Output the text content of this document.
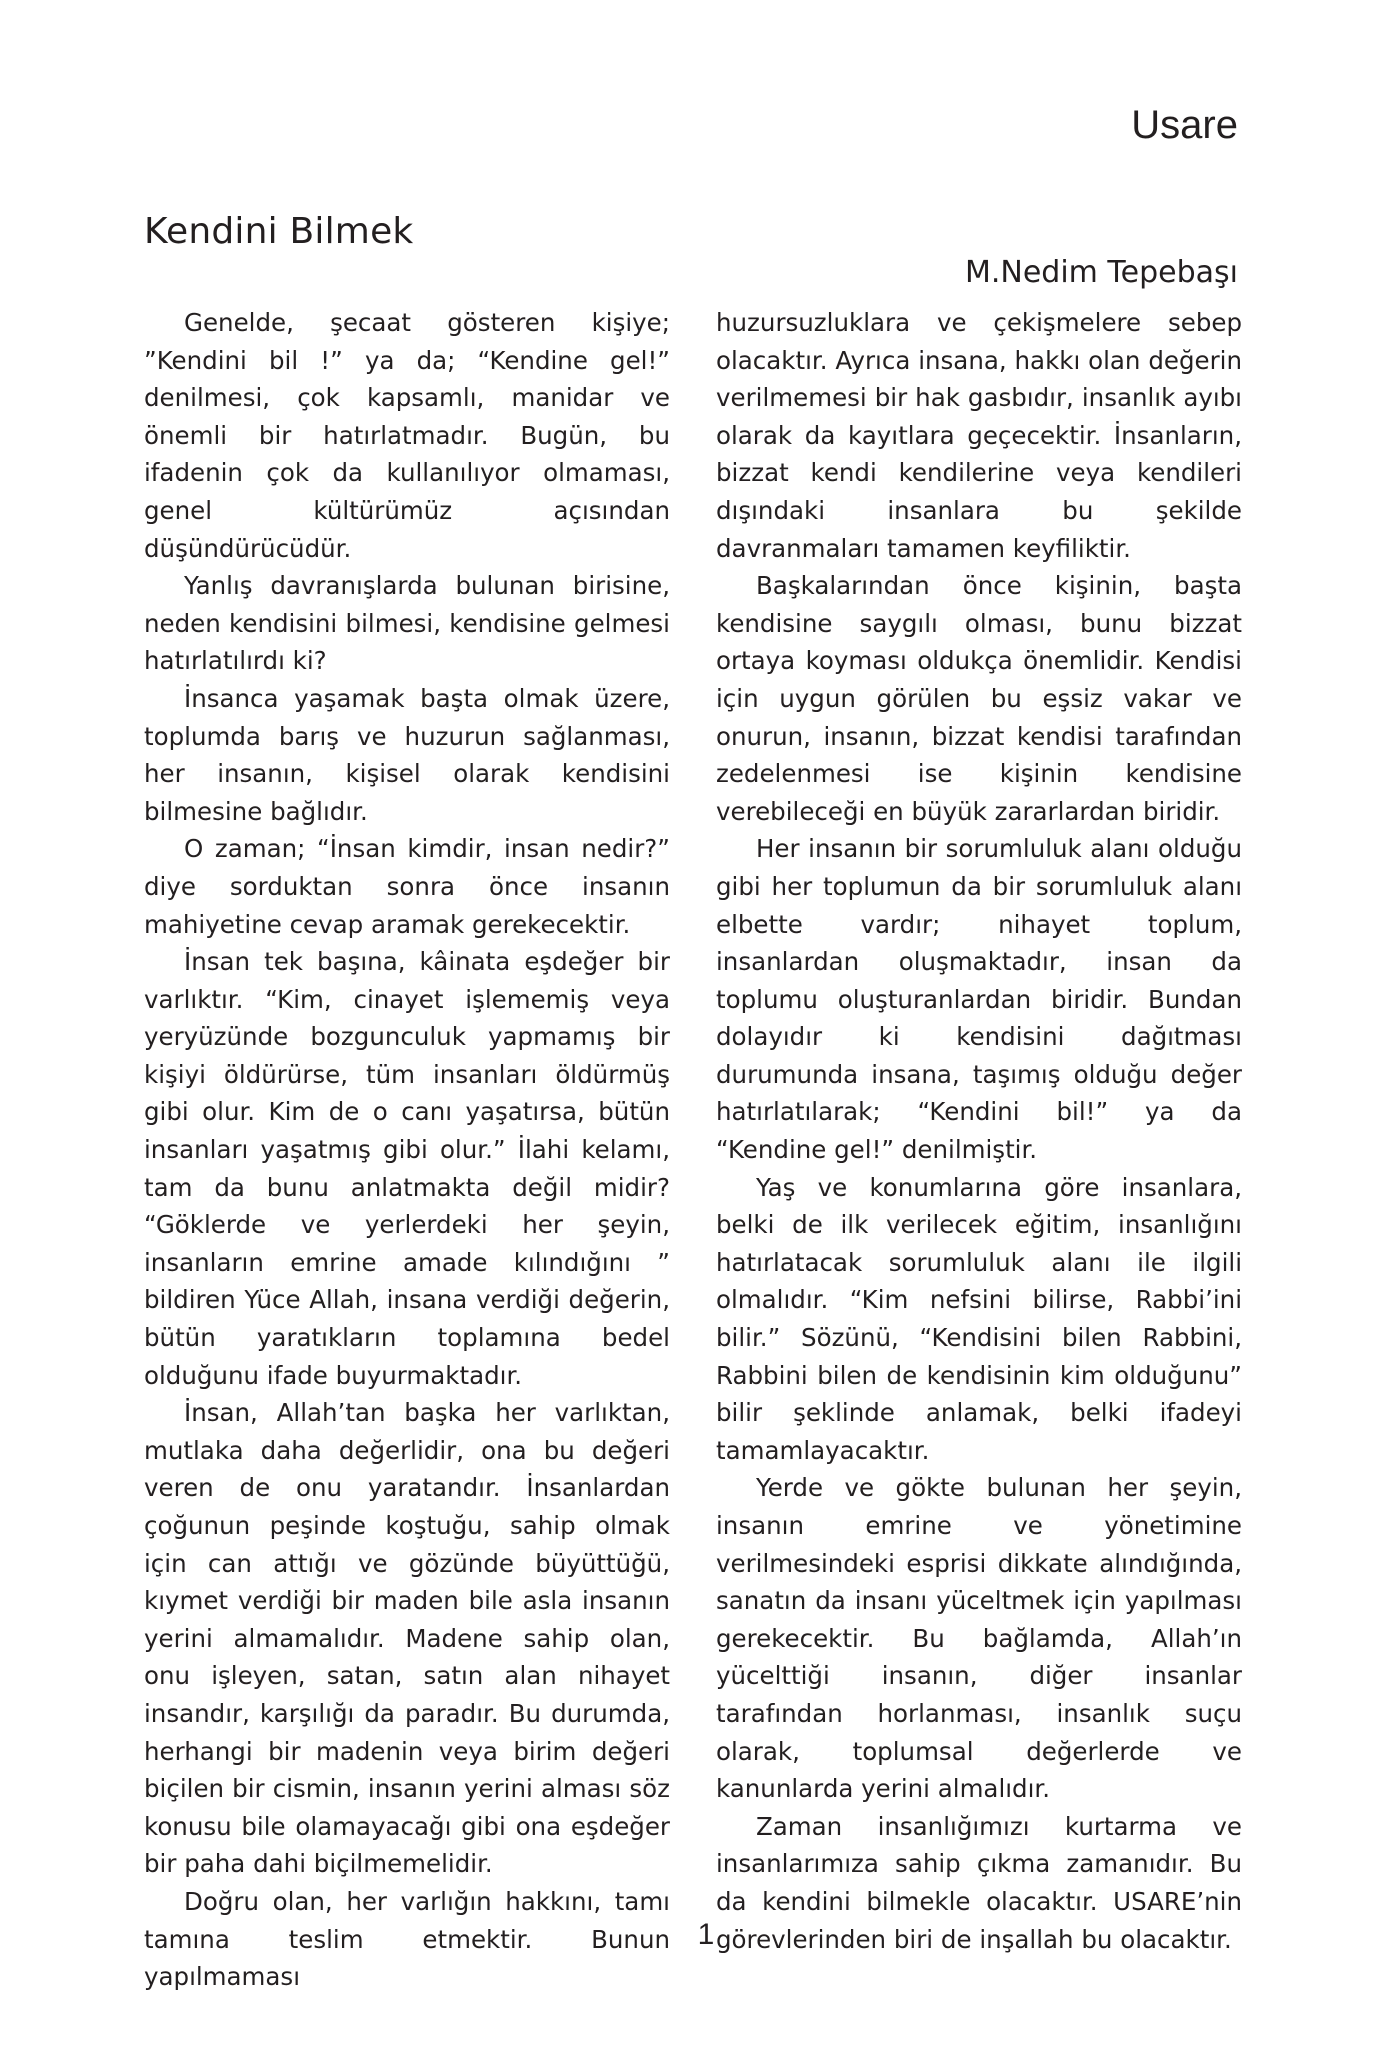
Usare
Kendini Bilmek
M.Nedim Tepebaşı

Genelde, şecaat gösteren kişiye; ”Kendini bil !” ya da; “Kendine gel!” denilmesi, çok kapsamlı, manidar ve önemli bir hatırlatmadır. Bugün, bu ifadenin çok da kullanılıyor olmaması, genel kültürümüz açısından düşündürücüdür.

Yanlış davranışlarda bulunan birisine, neden kendisini bilmesi, kendisine gelmesi hatırlatılırdı ki?

İnsanca yaşamak başta olmak üzere, toplumda barış ve huzurun sağlanması, her insanın, kişisel olarak kendisini bilmesine bağlıdır.

O zaman; “İnsan kimdir, insan nedir?” diye sorduktan sonra önce insanın mahiyetine cevap aramak gerekecektir.

İnsan tek başına, kâinata eşdeğer bir varlıktır. “Kim, cinayet işlememiş veya yeryüzünde bozgunculuk yapmamış bir kişiyi öldürürse, tüm insanları öldürmüş gibi olur. Kim de o canı yaşatırsa, bütün insanları yaşatmış gibi olur.” İlahi kelamı, tam da bunu anlatmakta değil midir? “Göklerde ve yerlerdeki her şeyin, insanların emrine amade kılındığını ” bildiren Yüce Allah, insana verdiği değerin, bütün yaratıkların toplamına bedel olduğunu ifade buyurmaktadır.

İnsan, Allah’tan başka her varlıktan, mutlaka daha değerlidir, ona bu değeri veren de onu yaratandır. İnsanlardan çoğunun peşinde koştuğu, sahip olmak için can attığı ve gözünde büyüttüğü, kıymet verdiği bir maden bile asla insanın yerini almamalıdır. Madene sahip olan, onu işleyen, satan, satın alan nihayet insandır, karşılığı da paradır. Bu durumda, herhangi bir madenin veya birim değeri biçilen bir cismin, insanın yerini alması söz konusu bile olamayacağı gibi ona eşdeğer bir paha dahi biçilmemelidir.

Doğru olan, her varlığın hakkını, tamı tamına teslim etmektir. Bunun yapılmaması

huzursuzluklara ve çekişmelere sebep olacaktır. Ayrıca insana, hakkı olan değerin verilmemesi bir hak gasbıdır, insanlık ayıbı olarak da kayıtlara geçecektir. İnsanların, bizzat kendi kendilerine veya kendileri dışındaki insanlara bu şekilde davranmaları tamamen keyfiliktir.

Başkalarından önce kişinin, başta kendisine saygılı olması, bunu bizzat ortaya koyması oldukça önemlidir. Kendisi için uygun görülen bu eşsiz vakar ve onurun, insanın, bizzat kendisi tarafından zedelenmesi ise kişinin kendisine verebileceği en büyük zararlardan biridir.

Her insanın bir sorumluluk alanı olduğu gibi her toplumun da bir sorumluluk alanı elbette vardır; nihayet toplum, insanlardan oluşmaktadır, insan da toplumu oluşturanlardan biridir. Bundan dolayıdır ki kendisini dağıtması durumunda insana, taşımış olduğu değer hatırlatılarak; “Kendini bil!” ya da “Kendine gel!” denilmiştir.

Yaş ve konumlarına göre insanlara, belki de ilk verilecek eğitim, insanlığını hatırlatacak sorumluluk alanı ile ilgili olmalıdır. “Kim nefsini bilirse, Rabbi’ini bilir.” Sözünü, “Kendisini bilen Rabbini, Rabbini bilen de kendisinin kim olduğunu” bilir şeklinde anlamak, belki ifadeyi tamamlayacaktır.

Yerde ve gökte bulunan her şeyin, insanın emrine ve yönetimine verilmesindeki esprisi dikkate alındığında, sanatın da insanı yüceltmek için yapılması gerekecektir. Bu bağlamda, Allah’ın yücelttiği insanın, diğer insanlar tarafından horlanması, insanlık suçu olarak, toplumsal değerlerde ve kanunlarda yerini almalıdır.

Zaman insanlığımızı kurtarma ve insanlarımıza sahip çıkma zamanıdır. Bu da kendini bilmekle olacaktır. USARE’nin görevlerinden biri de inşallah bu olacaktır.

1
